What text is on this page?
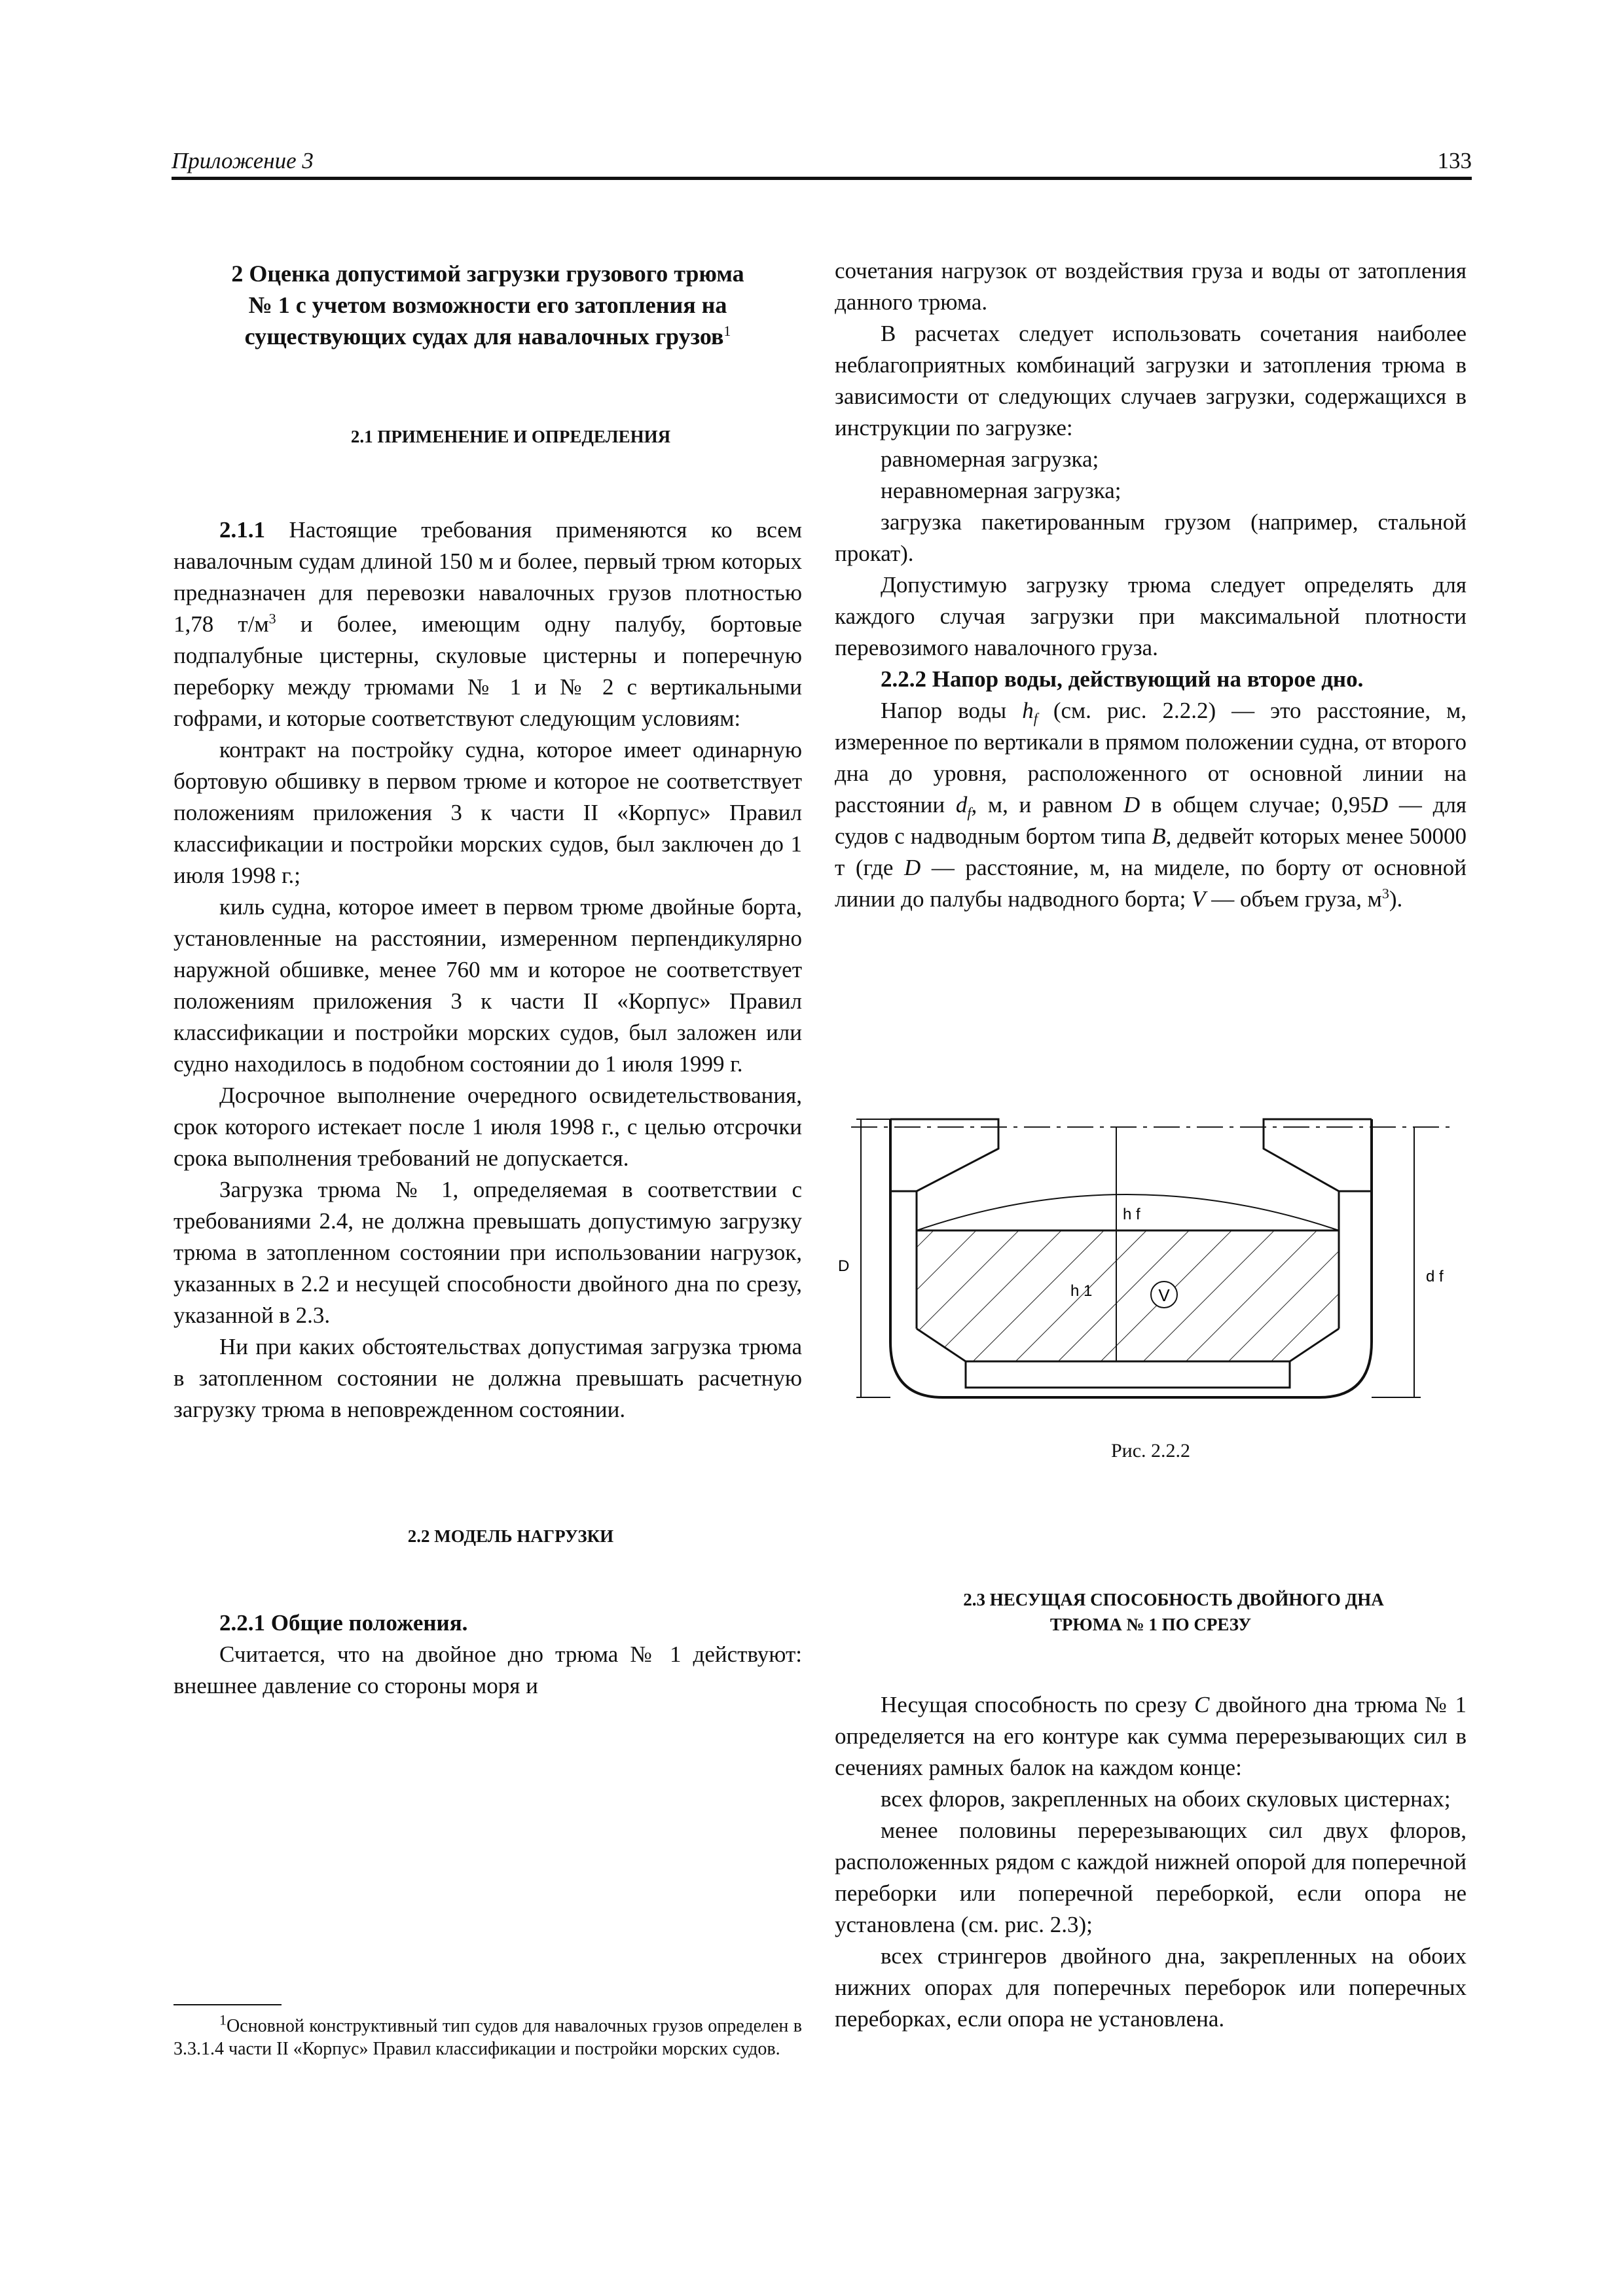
Приложение 3	133
2 Оценка допустимой загрузки грузового трюма
№ 1 с учетом возможности его затопления на
существующих судах для навалочных грузов$^1$

2.1 ПРИМЕНЕНИЕ И ОПРЕДЕЛЕНИЯ

2.1.1 Настоящие требования применяются ко всем навалочным судам длиной 150 м и более, первый трюм которых предназначен для перевозки навалочных грузов плотностью 1,78 $т/м^3$ и более, имеющим одну палубу, бортовые подпалубные цистерны, скуловые цистерны и поперечную переборку между трюмами № 1 и № 2 с вертикальными гофрами, и которые соответствуют следующим условиям:

контракт на постройку судна, которое имеет одинарную бортовую обшивку в первом трюме и которое не соответствует положениям приложения 3 к части II «Корпус» Правил классификации и постройки морских судов, был заключен до 1 июля 1998 г.;

киль судна, которое имеет в первом трюме двойные борта, установленные на расстоянии, измеренном перпендикулярно наружной обшивке, менее 760 мм и которое не соответствует положениям приложения 3 к части II «Корпус» Правил классификации и постройки морских судов, был заложен или судно находилось в подобном состоянии до 1 июля 1999 г.

Досрочное выполнение очередного освидетельствования, срок которого истекает после 1 июля 1998 г., с целью отсрочки срока выполнения требований не допускается.

Загрузка трюма № 1, определяемая в соответствии с требованиями 2.4, не должна превышать допустимую загрузку трюма в затопленном состоянии при использовании нагрузок, указанных в 2.2 и несущей способности двойного дна по срезу, указанной в 2.3.

Ни при каких обстоятельствах допустимая загрузка трюма в затопленном состоянии не должна превышать расчетную загрузку трюма в неповрежденном состоянии.

2.2 МОДЕЛЬ НАГРУЗКИ

2.2.1 Общие положения.

Считается, что на двойное дно трюма № 1 действуют: внешнее давление со стороны моря и

$^1$Основной конструктивный тип судов для навалочных грузов определен в 3.3.1.4 части II «Корпус» Правил классификации и постройки морских судов.

сочетания нагрузок от воздействия груза и воды от затопления данного трюма.

В расчетах следует использовать сочетания наиболее неблагоприятных комбинаций загрузки и затопления трюма в зависимости от следующих случаев загрузки, содержащихся в инструкции по загрузке:

равномерная загрузка;

неравномерная загрузка;

загрузка пакетированным грузом (например, стальной прокат).

Допустимую загрузку трюма следует определять для каждого случая загрузки при максимальной плотности перевозимого навалочного груза.

2.2.2 Напор воды, действующий на второе дно.

Напор воды $h_f$ (см. рис. 2.2.2) — это расстояние, м, измеренное по вертикали в прямом положении судна, от второго дна до уровня, расположенного от основной линии на расстоянии $d_f$, м, и равном D в общем случае; 0,95D — для судов с надводным бортом типа B, дедвейт которых менее 50000 т (где D — расстояние, м, на миделе, по борту от основной линии до палубы надводного борта; V — объем груза, $м^3$).

V
h f
h 1
D
d f
Рис. 2.2.2

2.3 НЕСУЩАЯ СПОСОБНОСТЬ ДВОЙНОГО ДНА
ТРЮМА № 1 ПО СРЕЗУ

Несущая способность по срезу C двойного дна трюма № 1 определяется на его контуре как сумма перерезывающих сил в сечениях рамных балок на каждом конце:

всех флоров, закрепленных на обоих скуловых цистернах;

менее половины перерезывающих сил двух флоров, расположенных рядом с каждой нижней опорой для поперечной переборки или поперечной переборкой, если опора не установлена (см. рис. 2.3);

всех стрингеров двойного дна, закрепленных на обоих нижних опорах для поперечных переборок или поперечных переборках, если опора не установлена.
